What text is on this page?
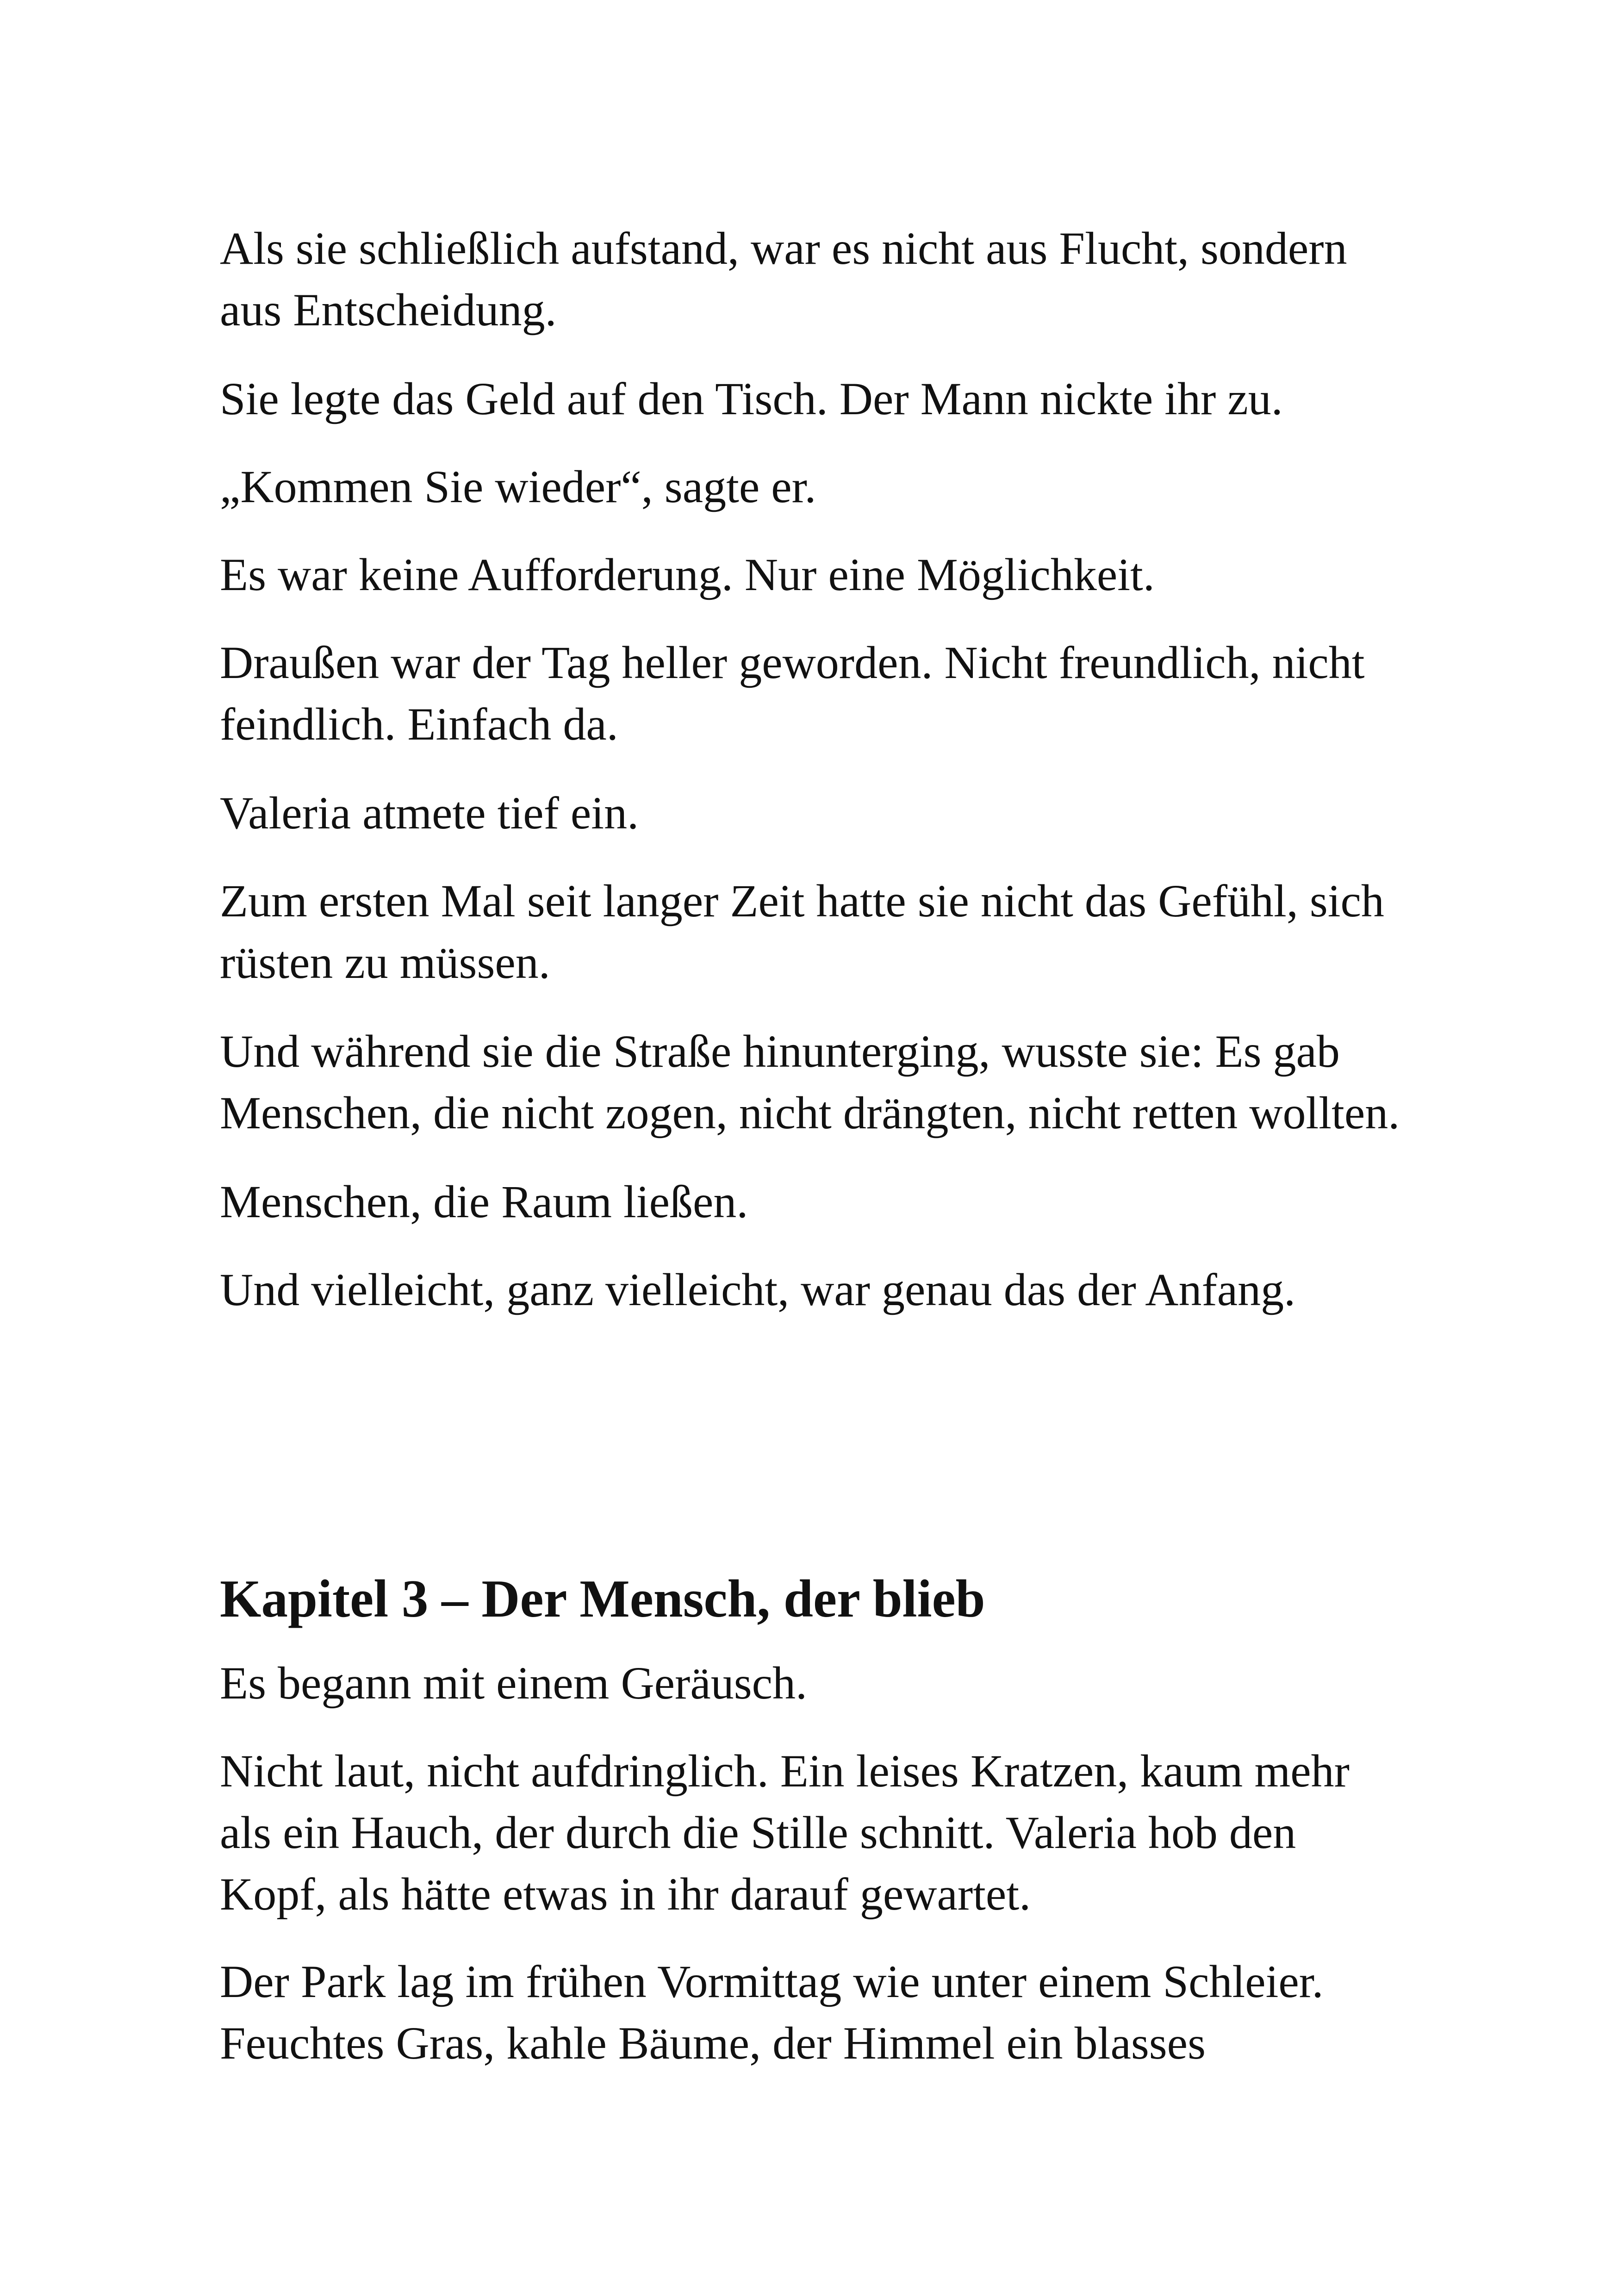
Als sie schließlich aufstand, war es nicht aus Flucht, sondern
aus Entscheidung.

Sie legte das Geld auf den Tisch. Der Mann nickte ihr zu.

„Kommen Sie wieder“, sagte er.

Es war keine Aufforderung. Nur eine Möglichkeit.

Draußen war der Tag heller geworden. Nicht freundlich, nicht
feindlich. Einfach da.

Valeria atmete tief ein.

Zum ersten Mal seit langer Zeit hatte sie nicht das Gefühl, sich
rüsten zu müssen.

Und während sie die Straße hinunterging, wusste sie: Es gab
Menschen, die nicht zogen, nicht drängten, nicht retten wollten.

Menschen, die Raum ließen.

Und vielleicht, ganz vielleicht, war genau das der Anfang.

Kapitel 3 – Der Mensch, der blieb

Es begann mit einem Geräusch.

Nicht laut, nicht aufdringlich. Ein leises Kratzen, kaum mehr
als ein Hauch, der durch die Stille schnitt. Valeria hob den
Kopf, als hätte etwas in ihr darauf gewartet.

Der Park lag im frühen Vormittag wie unter einem Schleier.
Feuchtes Gras, kahle Bäume, der Himmel ein blasses
